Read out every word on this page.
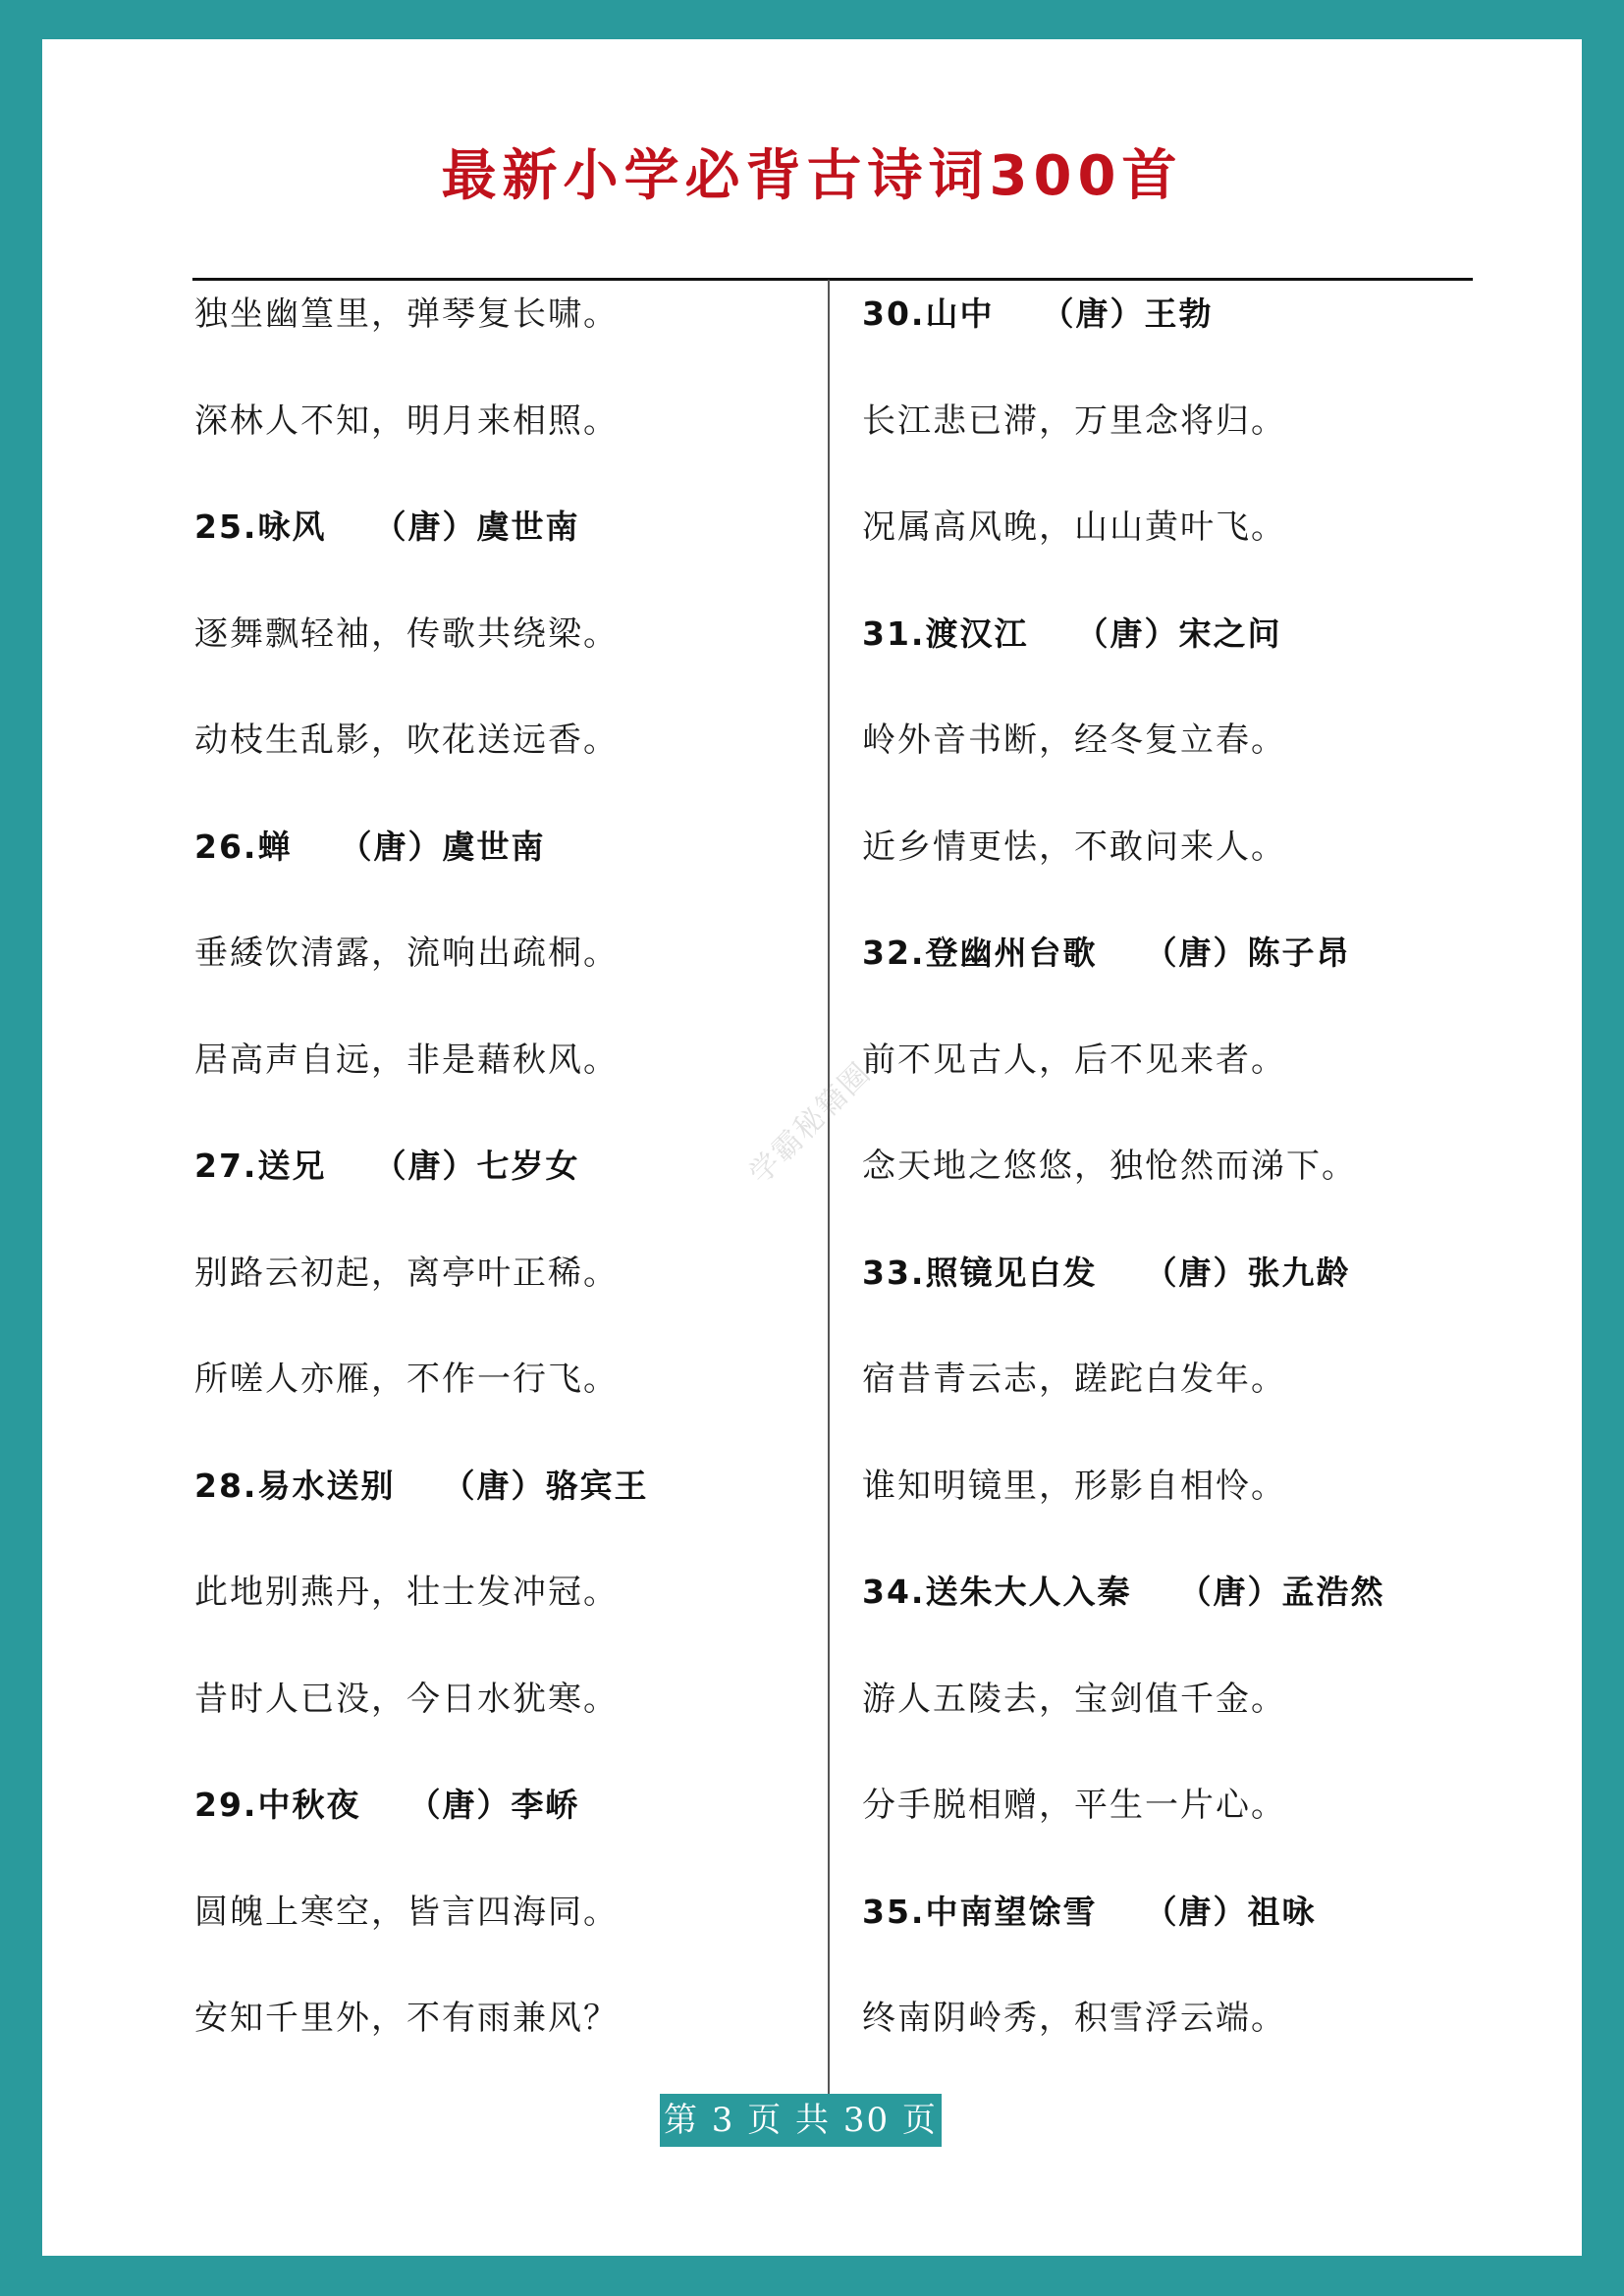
最新小学必背古诗词300首
独坐幽篁里，弹琴复长啸。
深林人不知，明月来相照。
25.咏风 （唐）虞世南
逐舞飘轻袖，传歌共绕梁。
动枝生乱影，吹花送远香。
26.蝉 （唐）虞世南
垂緌饮清露，流响出疏桐。
居高声自远，非是藉秋风。
27.送兄 （唐）七岁女
别路云初起，离亭叶正稀。
所嗟人亦雁，不作一行飞。
28.易水送别 （唐）骆宾王
此地别燕丹，壮士发冲冠。
昔时人已没，今日水犹寒。
29.中秋夜 （唐）李峤
圆魄上寒空，皆言四海同。
安知千里外，不有雨兼风？
30.山中 （唐）王勃
长江悲已滞，万里念将归。
况属高风晚，山山黄叶飞。
31.渡汉江 （唐）宋之问
岭外音书断，经冬复立春。
近乡情更怯，不敢问来人。
32.登幽州台歌 （唐）陈子昂
前不见古人，后不见来者。
念天地之悠悠，独怆然而涕下。
33.照镜见白发 （唐）张九龄
宿昔青云志，蹉跎白发年。
谁知明镜里，形影自相怜。
34.送朱大人入秦 （唐）孟浩然
游人五陵去，宝剑值千金。
分手脱相赠，平生一片心。
35.中南望馀雪 （唐）祖咏
终南阴岭秀，积雪浮云端。
学霸秘籍圈
第 3 页 共 30 页
